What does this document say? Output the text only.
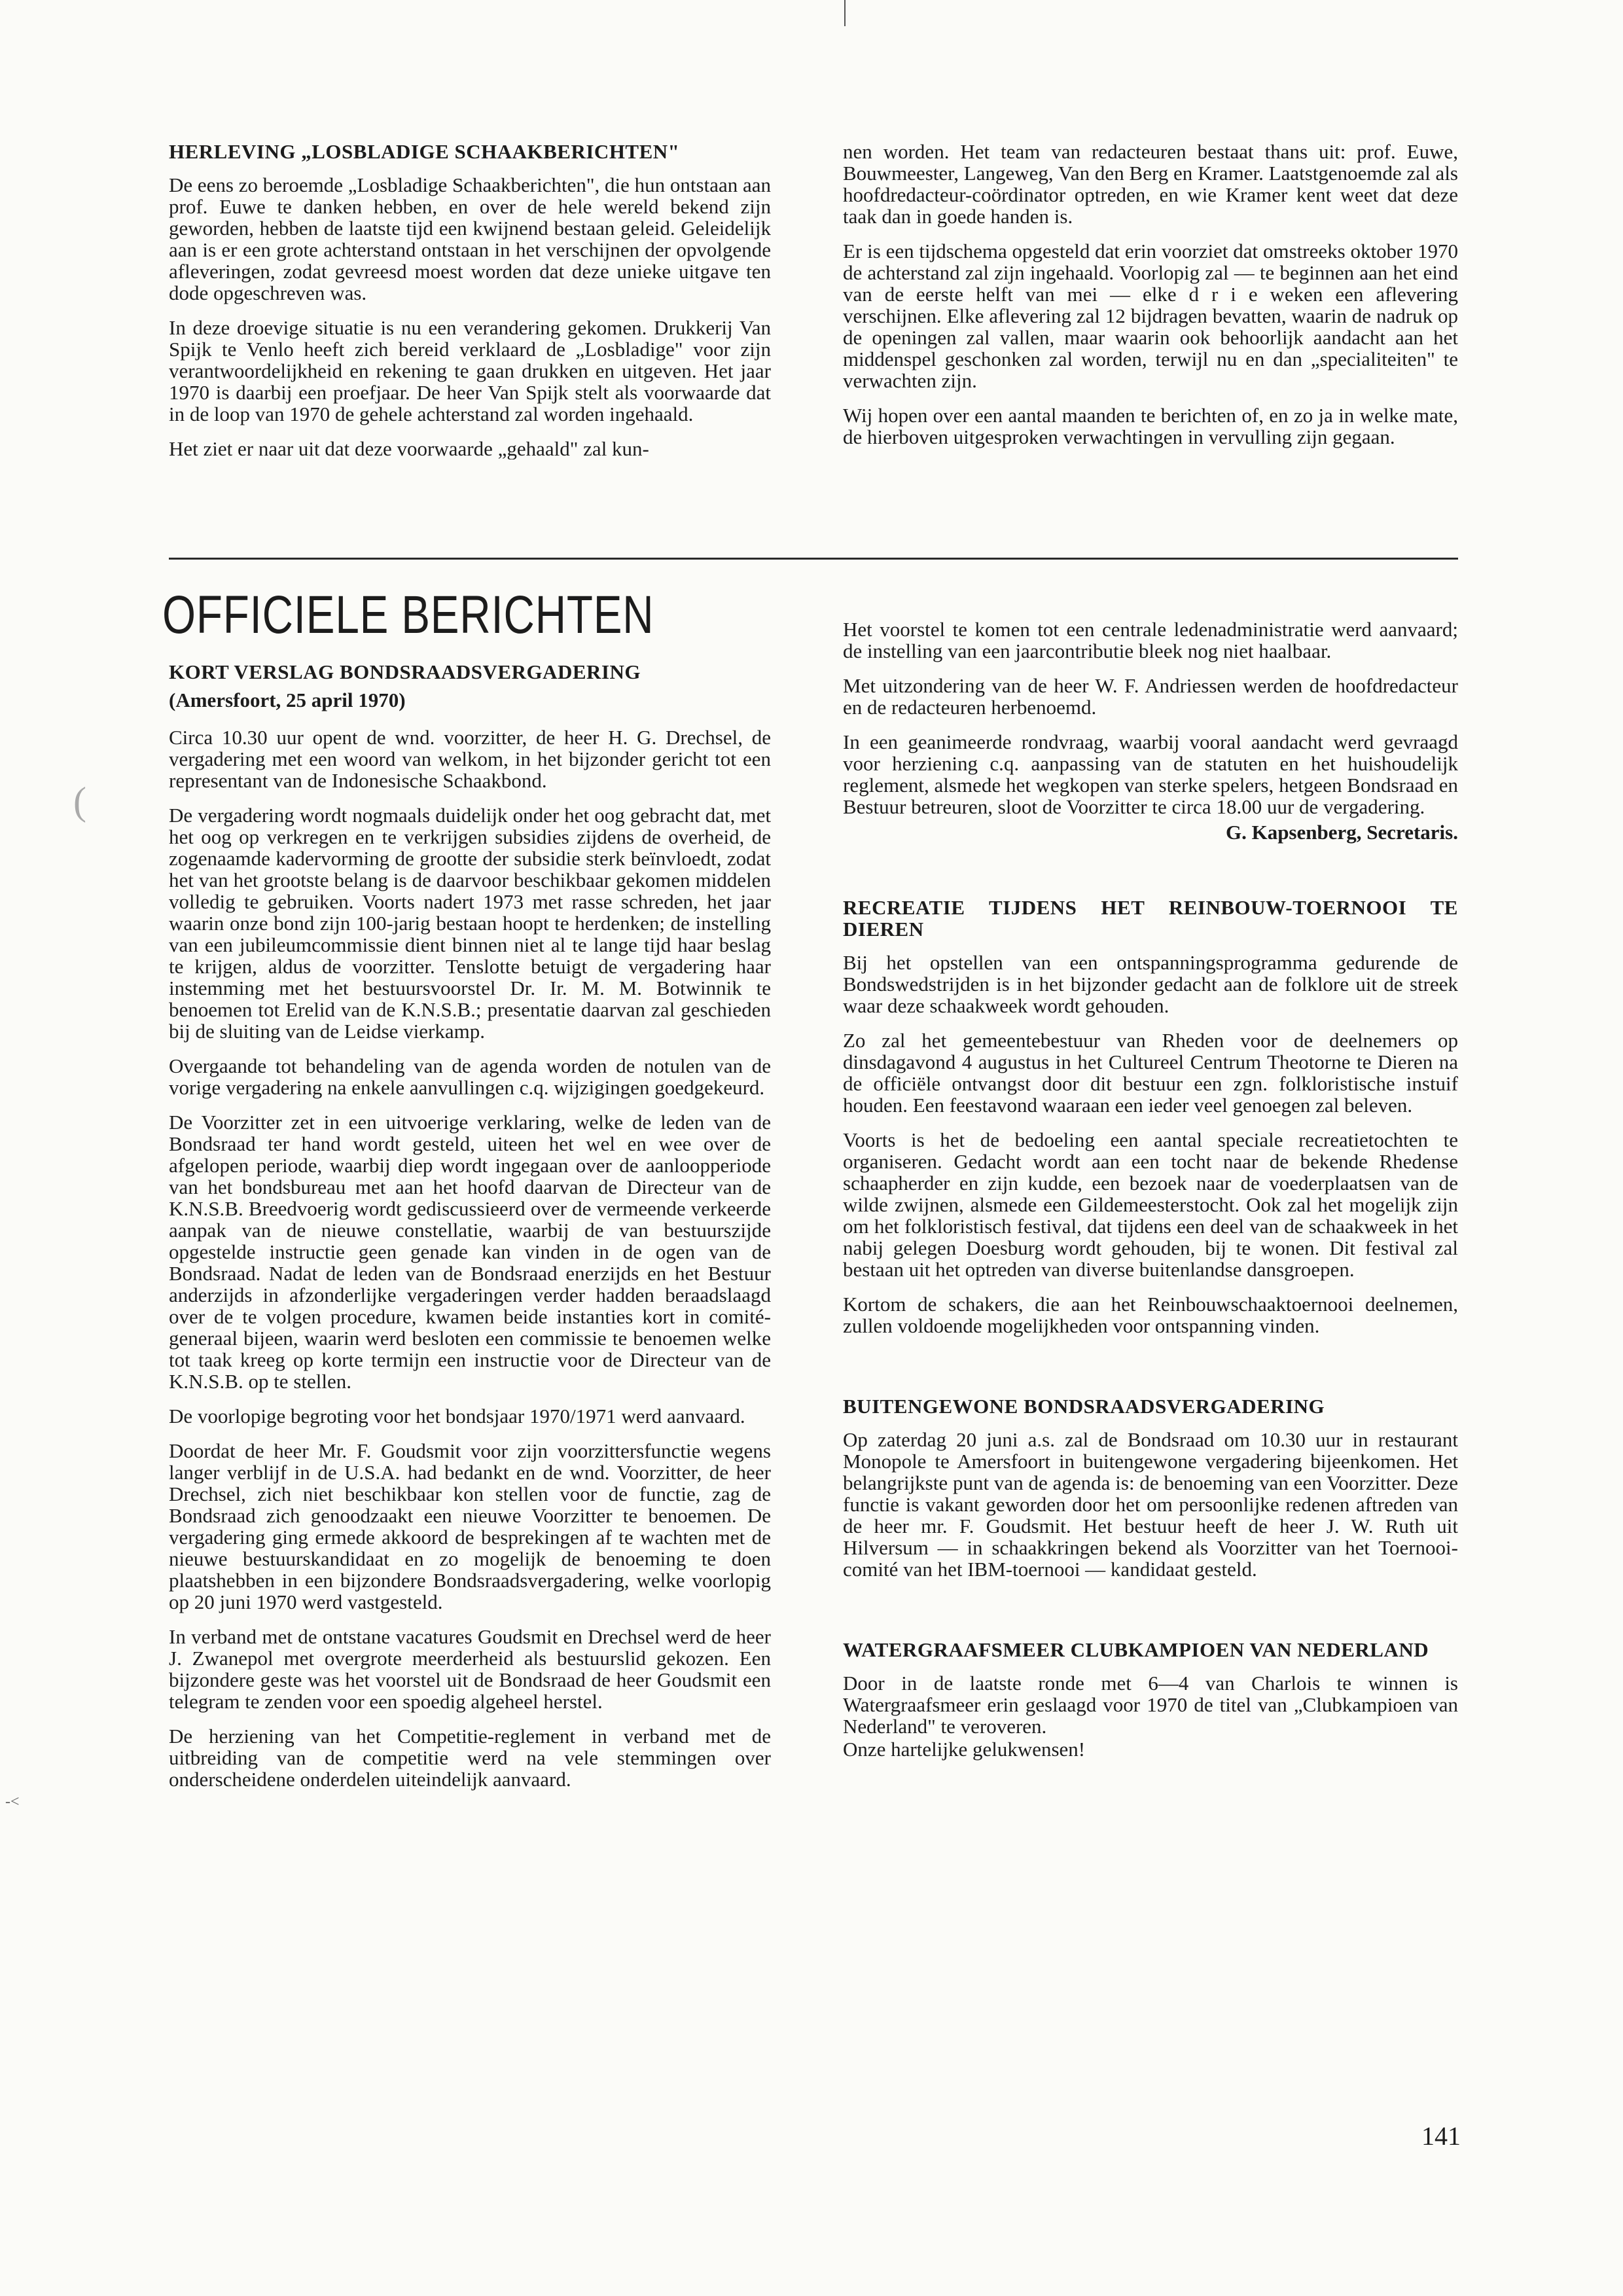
(
-<
HERLEVING „LOSBLADIGE SCHAAKBERICHTEN"

De eens zo beroemde „Losbladige Schaakberichten", die hun ontstaan aan prof. Euwe te danken hebben, en over de hele wereld bekend zijn geworden, hebben de laatste tijd een kwijnend bestaan geleid. Geleidelijk aan is er een grote achterstand ontstaan in het verschijnen der opvolgende afleveringen, zodat gevreesd moest worden dat deze unieke uitgave ten dode opgeschreven was.

In deze droevige situatie is nu een verandering gekomen. Drukkerij Van Spijk te Venlo heeft zich bereid verklaard de „Losbladige" voor zijn verantwoordelijkheid en rekening te gaan drukken en uitgeven. Het jaar 1970 is daarbij een proefjaar. De heer Van Spijk stelt als voorwaarde dat in de loop van 1970 de gehele achterstand zal worden ingehaald.

Het ziet er naar uit dat deze voorwaarde „gehaald" zal kun-

nen worden. Het team van redacteuren bestaat thans uit: prof. Euwe, Bouwmeester, Langeweg, Van den Berg en Kramer. Laatstgenoemde zal als hoofdredacteur-coördinator optreden, en wie Kramer kent weet dat deze taak dan in goede handen is.

Er is een tijdschema opgesteld dat erin voorziet dat omstreeks oktober 1970 de achterstand zal zijn ingehaald. Voorlopig zal — te beginnen aan het eind van de eerste helft van mei — elke d r i e weken een aflevering verschijnen. Elke aflevering zal 12 bijdragen bevatten, waarin de nadruk op de openingen zal vallen, maar waarin ook behoorlijk aandacht aan het middenspel geschonken zal worden, terwijl nu en dan „specialiteiten" te verwachten zijn.

Wij hopen over een aantal maanden te berichten of, en zo ja in welke mate, de hierboven uitgesproken verwachtingen in vervulling zijn gegaan.

OFFICIELE BERICHTEN
KORT VERSLAG BONDSRAADSVERGADERING
(Amersfoort, 25 april 1970)

Circa 10.30 uur opent de wnd. voorzitter, de heer H. G. Drechsel, de vergadering met een woord van welkom, in het bijzonder gericht tot een representant van de Indonesische Schaakbond.

De vergadering wordt nogmaals duidelijk onder het oog gebracht dat, met het oog op verkregen en te verkrijgen subsidies zijdens de overheid, de zogenaamde kadervorming de grootte der subsidie sterk beïnvloedt, zodat het van het grootste belang is de daarvoor beschikbaar gekomen middelen volledig te gebruiken. Voorts nadert 1973 met rasse schreden, het jaar waarin onze bond zijn 100-jarig bestaan hoopt te herdenken; de instelling van een jubileumcommissie dient binnen niet al te lange tijd haar beslag te krijgen, aldus de voorzitter. Tenslotte betuigt de vergadering haar instemming met het bestuursvoorstel Dr. Ir. M. M. Botwinnik te benoemen tot Erelid van de K.N.S.B.; presentatie daarvan zal geschieden bij de sluiting van de Leidse vierkamp.

Overgaande tot behandeling van de agenda worden de notulen van de vorige vergadering na enkele aanvullingen c.q. wijzigingen goedgekeurd.

De Voorzitter zet in een uitvoerige verklaring, welke de leden van de Bondsraad ter hand wordt gesteld, uiteen het wel en wee over de afgelopen periode, waarbij diep wordt ingegaan over de aanloopperiode van het bondsbureau met aan het hoofd daarvan de Directeur van de K.N.S.B. Breedvoerig wordt gediscussieerd over de vermeende verkeerde aanpak van de nieuwe constellatie, waarbij de van bestuurszijde opgestelde instructie geen genade kan vinden in de ogen van de Bondsraad. Nadat de leden van de Bondsraad enerzijds en het Bestuur anderzijds in afzonderlijke vergaderingen verder hadden beraadslaagd over de te volgen procedure, kwamen beide instanties kort in comité-generaal bijeen, waarin werd besloten een commissie te benoemen welke tot taak kreeg op korte termijn een instructie voor de Directeur van de K.N.S.B. op te stellen.

De voorlopige begroting voor het bondsjaar 1970/1971 werd aanvaard.

Doordat de heer Mr. F. Goudsmit voor zijn voorzittersfunctie wegens langer verblijf in de U.S.A. had bedankt en de wnd. Voorzitter, de heer Drechsel, zich niet beschikbaar kon stellen voor de functie, zag de Bondsraad zich genoodzaakt een nieuwe Voorzitter te benoemen. De vergadering ging ermede akkoord de besprekingen af te wachten met de nieuwe bestuurskandidaat en zo mogelijk de benoeming te doen plaatshebben in een bijzondere Bondsraadsvergadering, welke voorlopig op 20 juni 1970 werd vastgesteld.

In verband met de ontstane vacatures Goudsmit en Drechsel werd de heer J. Zwanepol met overgrote meerderheid als bestuurslid gekozen. Een bijzondere geste was het voorstel uit de Bondsraad de heer Goudsmit een telegram te zenden voor een spoedig algeheel herstel.

De herziening van het Competitie-reglement in verband met de uitbreiding van de competitie werd na vele stemmingen over onderscheidene onderdelen uiteindelijk aanvaard.

Het voorstel te komen tot een centrale ledenadministratie werd aanvaard; de instelling van een jaarcontributie bleek nog niet haalbaar.

Met uitzondering van de heer W. F. Andriessen werden de hoofdredacteur en de redacteuren herbenoemd.

In een geanimeerde rondvraag, waarbij vooral aandacht werd gevraagd voor herziening c.q. aanpassing van de statuten en het huishoudelijk reglement, alsmede het wegkopen van sterke spelers, hetgeen Bondsraad en Bestuur betreuren, sloot de Voorzitter te circa 18.00 uur de vergadering.

G. Kapsenberg, Secretaris.
RECREATIE TIJDENS HET REINBOUW-TOERNOOI TE DIEREN

Bij het opstellen van een ontspanningsprogramma gedurende de Bondswedstrijden is in het bijzonder gedacht aan de folklore uit de streek waar deze schaakweek wordt gehouden.

Zo zal het gemeentebestuur van Rheden voor de deelnemers op dinsdagavond 4 augustus in het Cultureel Centrum Theotorne te Dieren na de officiële ontvangst door dit bestuur een zgn. folkloristische instuif houden. Een feestavond waaraan een ieder veel genoegen zal beleven.

Voorts is het de bedoeling een aantal speciale recreatietochten te organiseren. Gedacht wordt aan een tocht naar de bekende Rhedense schaapherder en zijn kudde, een bezoek naar de voederplaatsen van de wilde zwijnen, alsmede een Gildemeesterstocht. Ook zal het mogelijk zijn om het folkloristisch festival, dat tijdens een deel van de schaakweek in het nabij gelegen Doesburg wordt gehouden, bij te wonen. Dit festival zal bestaan uit het optreden van diverse buitenlandse dansgroepen.

Kortom de schakers, die aan het Reinbouwschaaktoernooi deelnemen, zullen voldoende mogelijkheden voor ontspanning vinden.

BUITENGEWONE BONDSRAADSVERGADERING

Op zaterdag 20 juni a.s. zal de Bondsraad om 10.30 uur in restaurant Monopole te Amersfoort in buitengewone vergadering bijeenkomen. Het belangrijkste punt van de agenda is: de benoeming van een Voorzitter. Deze functie is vakant geworden door het om persoonlijke redenen aftreden van de heer mr. F. Goudsmit. Het bestuur heeft de heer J. W. Ruth uit Hilversum — in schaakkringen bekend als Voorzitter van het Toernooi-comité van het IBM-toernooi — kandidaat gesteld.

WATERGRAAFSMEER CLUBKAMPIOEN VAN NEDERLAND

Door in de laatste ronde met 6—4 van Charlois te winnen is Watergraafsmeer erin geslaagd voor 1970 de titel van „Clubkampioen van Nederland" te veroveren.

Onze hartelijke gelukwensen!

141
